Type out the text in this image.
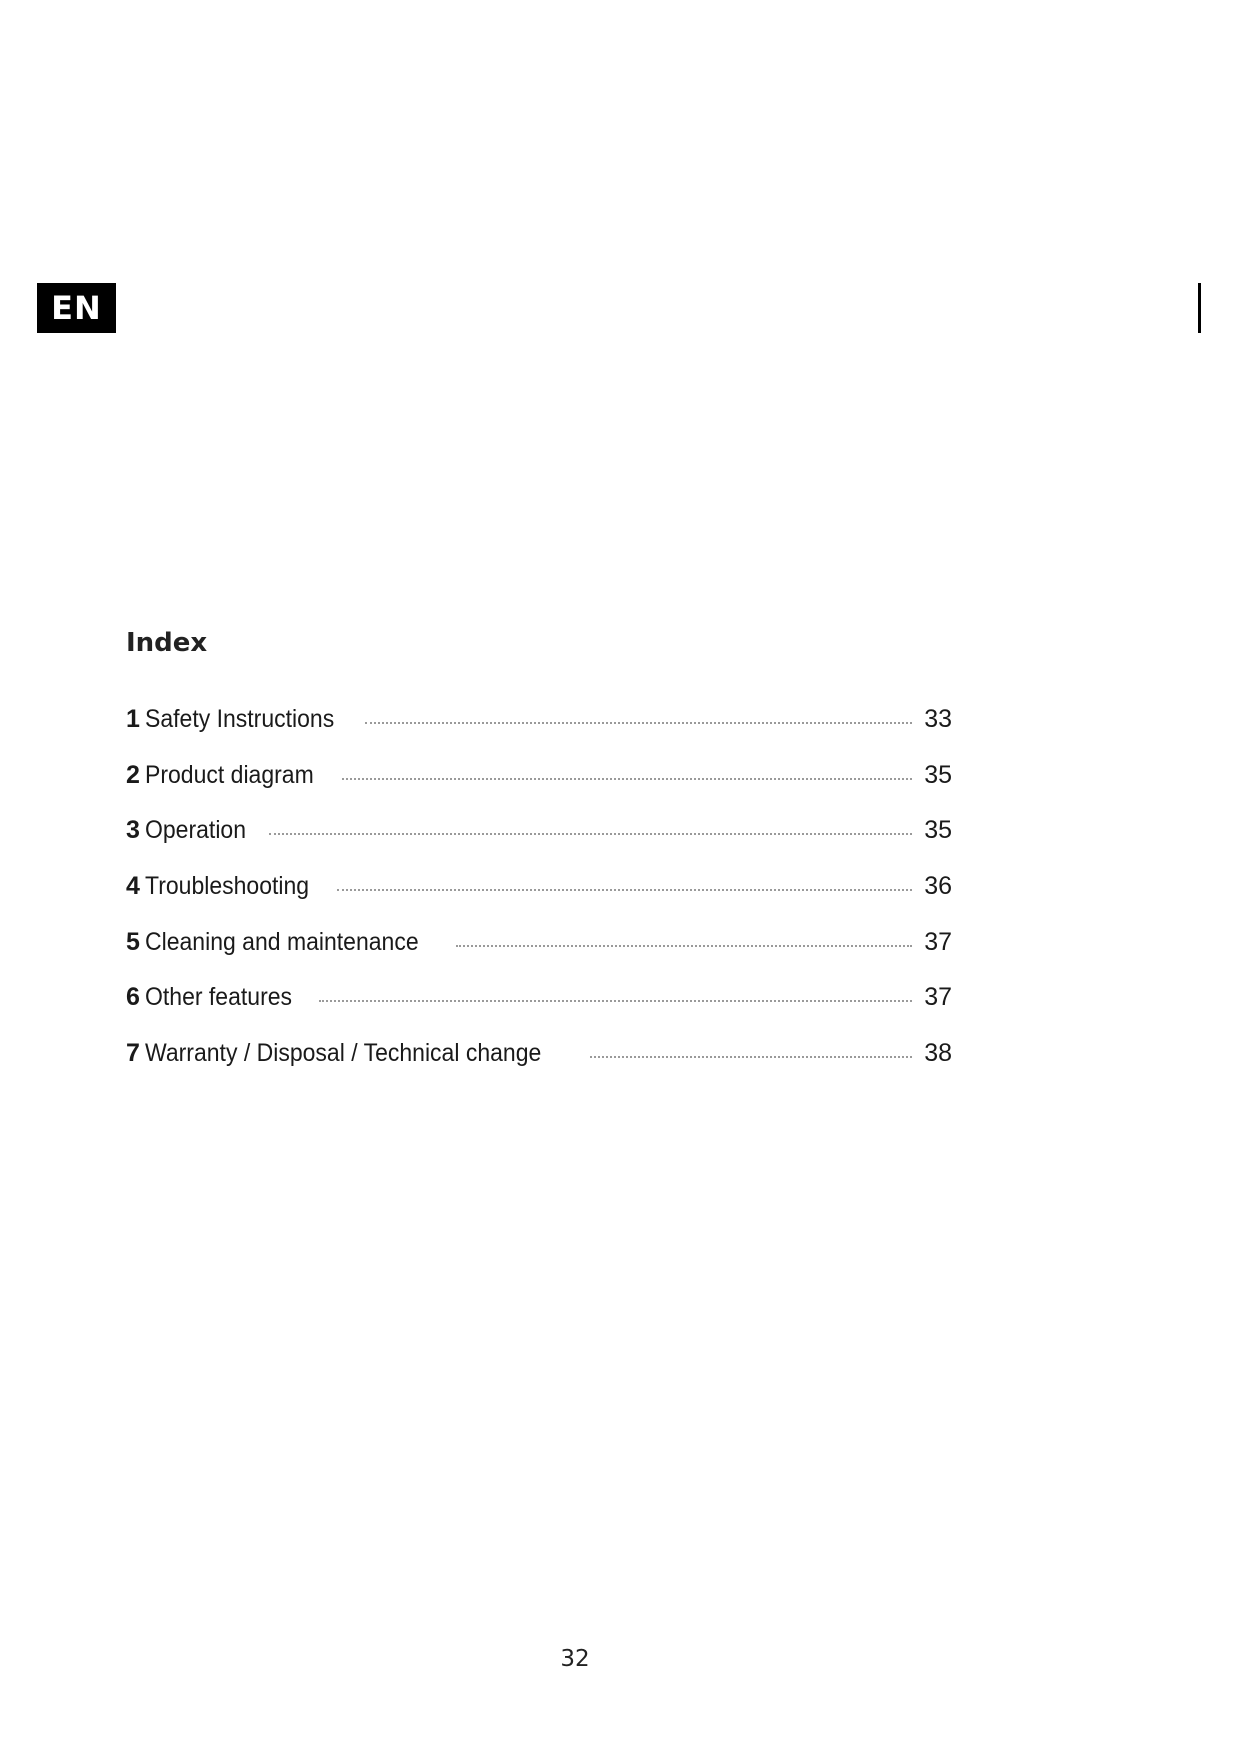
EN
Index
1 Safety Instructions	33
2 Product diagram	35
3 Operation	35
4 Troubleshooting	36
5 Cleaning and maintenance	37
6 Other features	37
7 Warranty / Disposal / Technical change	38
32
